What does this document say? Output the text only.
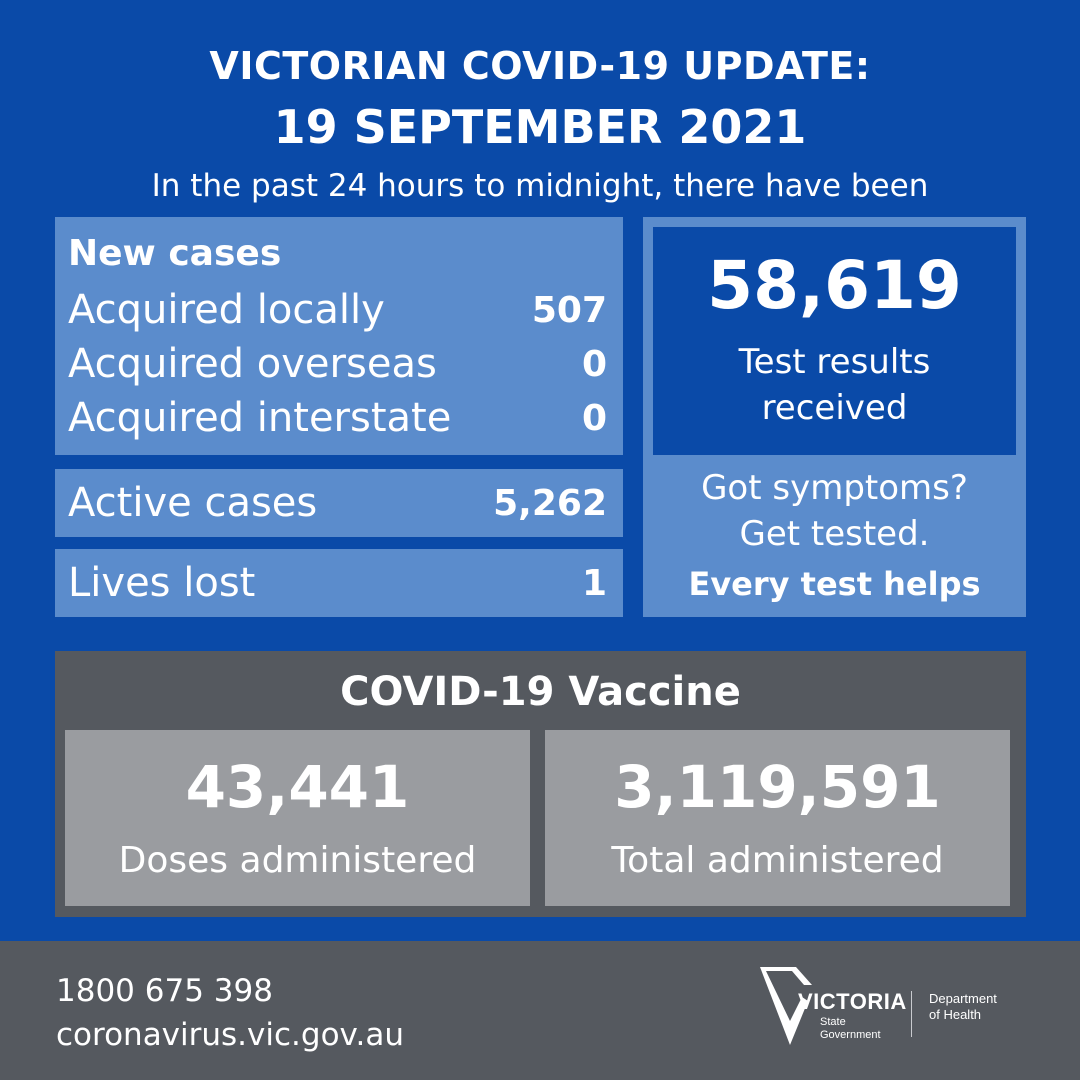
VICTORIAN COVID-19 UPDATE:
19 SEPTEMBER 2021
In the past 24 hours to midnight, there have been
New cases
Acquired locally	507
Acquired overseas	0
Acquired interstate	0
Active cases	5,262
Lives lost	1
58,619
Test results
received
Got symptoms?
Get tested.
Every test helps
COVID-19 Vaccine
43,441
Doses administered
3,119,591
Total administered
1800 675 398
coronavirus.vic.gov.au
VICTORIA
State
Government
Department
of Health
